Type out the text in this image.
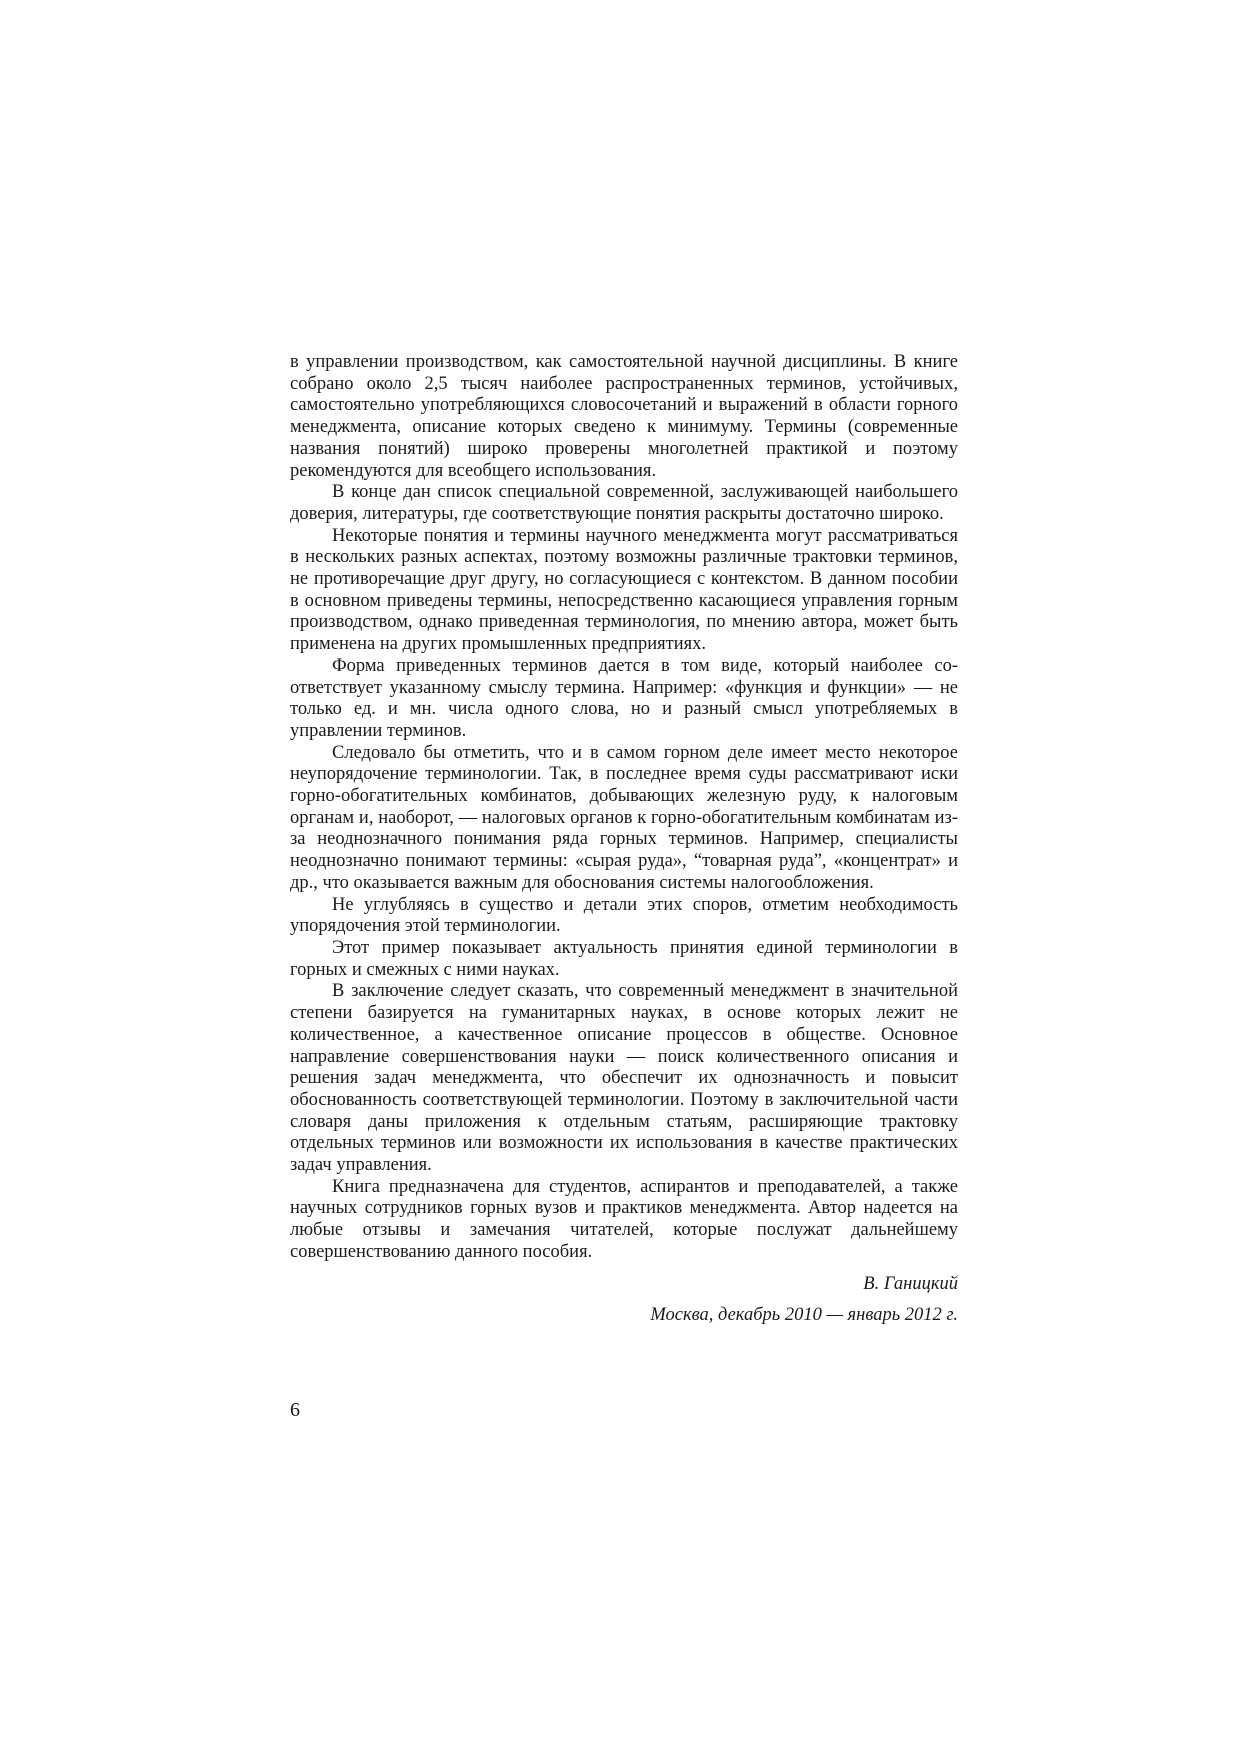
в управлении производством, как самостоятельной научной дисциплины. В книге собрано около 2,5 тысяч наиболее распространенных терминов, устойчивых, самостоятельно употребляющихся словосочетаний и выражений в области горного менеджмента, описание которых сведено к минимуму. Термины (современные названия понятий) широко проверены многолетней практикой и поэтому рекомендуются для всеобщего использования.

В конце дан список специальной современной, заслуживающей наибольшего доверия, литературы, где соответствующие понятия раскрыты достаточно широко.

Некоторые понятия и термины научного менеджмента могут рассматриваться в нескольких разных аспектах, поэтому возможны различные трактовки терминов, не противоречащие друг другу, но согласующиеся с контекстом. В данном пособии в основном приведены термины, непосредственно касающиеся управления горным производством, однако приведенная терминология, по мнению автора, может быть применена на других промышленных предприятиях.

Форма приведенных терминов дается в том виде, который наиболее соответствует указанному смыслу термина. Например: «функция и функции» — не только ед. и мн. числа одного слова, но и разный смысл употребляемых в управлении терминов.

Следовало бы отметить, что и в самом горном деле имеет место некоторое неупорядочение терминологии. Так, в последнее время суды рассматривают иски горно-обогатительных комбинатов, добывающих железную руду, к налоговым органам и, наоборот, — налоговых органов к горно-обогатительным комбинатам из-за неоднозначного понимания ряда горных терминов. Например, специалисты неоднозначно понимают термины: «сырая руда», “товарная руда”, «концентрат» и др., что оказывается важным для обоснования системы налогообложения.

Не углубляясь в существо и детали этих споров, отметим необходимость упорядочения этой терминологии.

Этот пример показывает актуальность принятия единой терминологии в горных и смежных с ними науках.

В заключение следует сказать, что современный менеджмент в значительной степени базируется на гуманитарных науках, в основе которых лежит не количественное, а качественное описание процессов в обществе. Основное направление совершенствования науки — поиск количественного описания и решения задач менеджмента, что обеспечит их однозначность и повысит обоснованность соответствующей терминологии. Поэтому в заключительной части словаря даны приложения к отдельным статьям, расширяющие трактовку отдельных терминов или возможности их использования в качестве практических задач управления.

Книга предназначена для студентов, аспирантов и преподавателей, а также научных сотрудников горных вузов и практиков менеджмента. Автор надеется на любые отзывы и замечания читателей, которые послужат дальнейшему совершенствованию данного пособия.

В. Ганицкий

Москва, декабрь 2010 — январь 2012 г.

6
